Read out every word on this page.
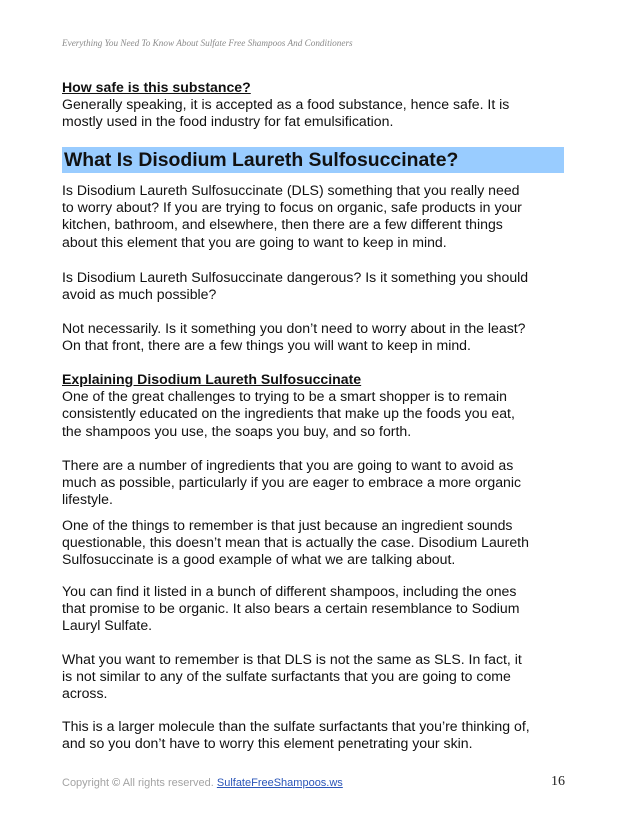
Everything You Need To Know About Sulfate Free Shampoos And Conditioners

How safe is this substance?
Generally speaking, it is accepted as a food substance, hence safe. It is
mostly used in the food industry for fat emulsification.

What Is Disodium Laureth Sulfosuccinate?

Is Disodium Laureth Sulfosuccinate (DLS) something that you really need
to worry about? If you are trying to focus on organic, safe products in your
kitchen, bathroom, and elsewhere, then there are a few different things
about this element that you are going to want to keep in mind.

Is Disodium Laureth Sulfosuccinate dangerous? Is it something you should
avoid as much possible?

Not necessarily. Is it something you don’t need to worry about in the least?
On that front, there are a few things you will want to keep in mind.

Explaining Disodium Laureth Sulfosuccinate
One of the great challenges to trying to be a smart shopper is to remain
consistently educated on the ingredients that make up the foods you eat,
the shampoos you use, the soaps you buy, and so forth.

There are a number of ingredients that you are going to want to avoid as
much as possible, particularly if you are eager to embrace a more organic
lifestyle.

One of the things to remember is that just because an ingredient sounds
questionable, this doesn’t mean that is actually the case. Disodium Laureth
Sulfosuccinate is a good example of what we are talking about.

You can find it listed in a bunch of different shampoos, including the ones
that promise to be organic. It also bears a certain resemblance to Sodium
Lauryl Sulfate.

What you want to remember is that DLS is not the same as SLS. In fact, it
is not similar to any of the sulfate surfactants that you are going to come
across.

This is a larger molecule than the sulfate surfactants that you’re thinking of,
and so you don’t have to worry this element penetrating your skin.

Copyright © All rights reserved. SulfateFreeShampoos.ws	16
